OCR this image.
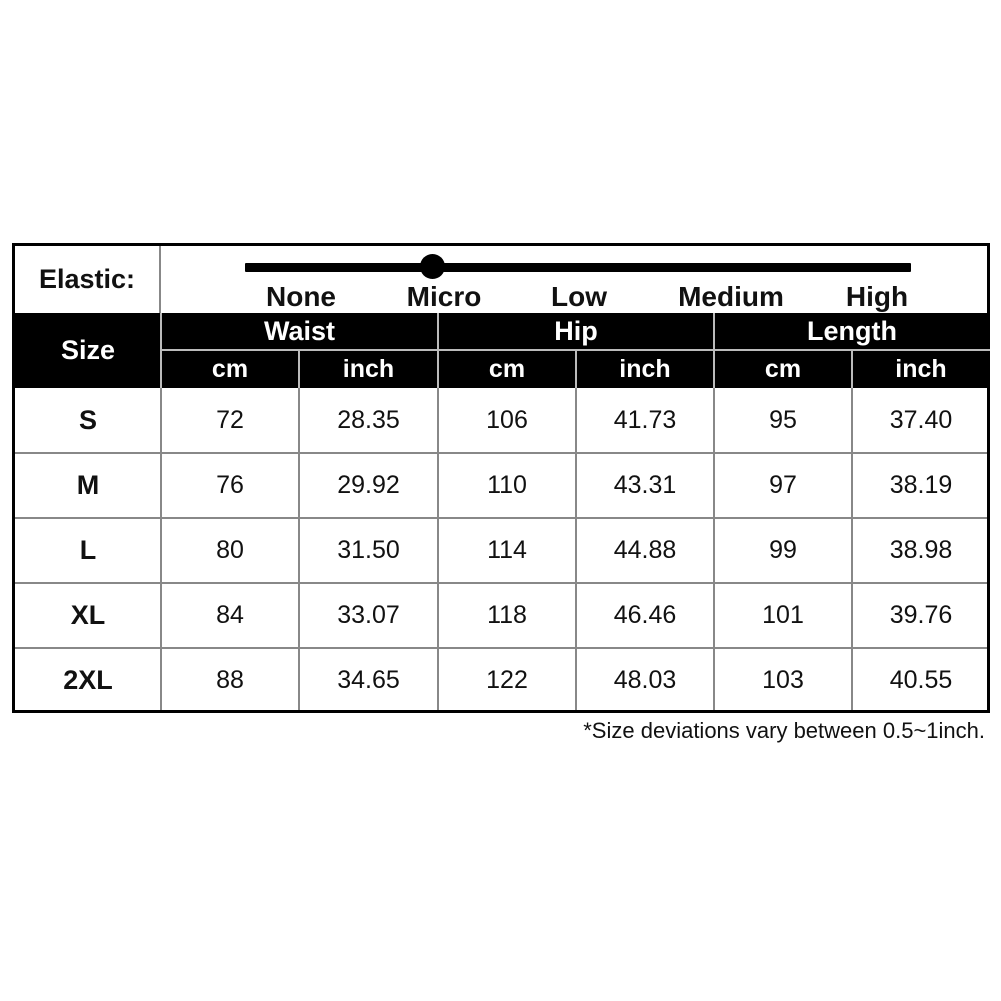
Elastic:
None	Micro Low	Medium High
Size
Waist	Hip	Length
cm	inch	cm	inch	cm	inch
S	72	28.35	106	41.73	95	37.40
M	76	29.92	110	43.31	97	38.19
L	80	31.50	114	44.88	99	38.98
XL	84	33.07	118	46.46	101	39.76
2XL	88	34.65	122	48.03	103	40.55
*Size deviations vary between 0.5~1inch.
